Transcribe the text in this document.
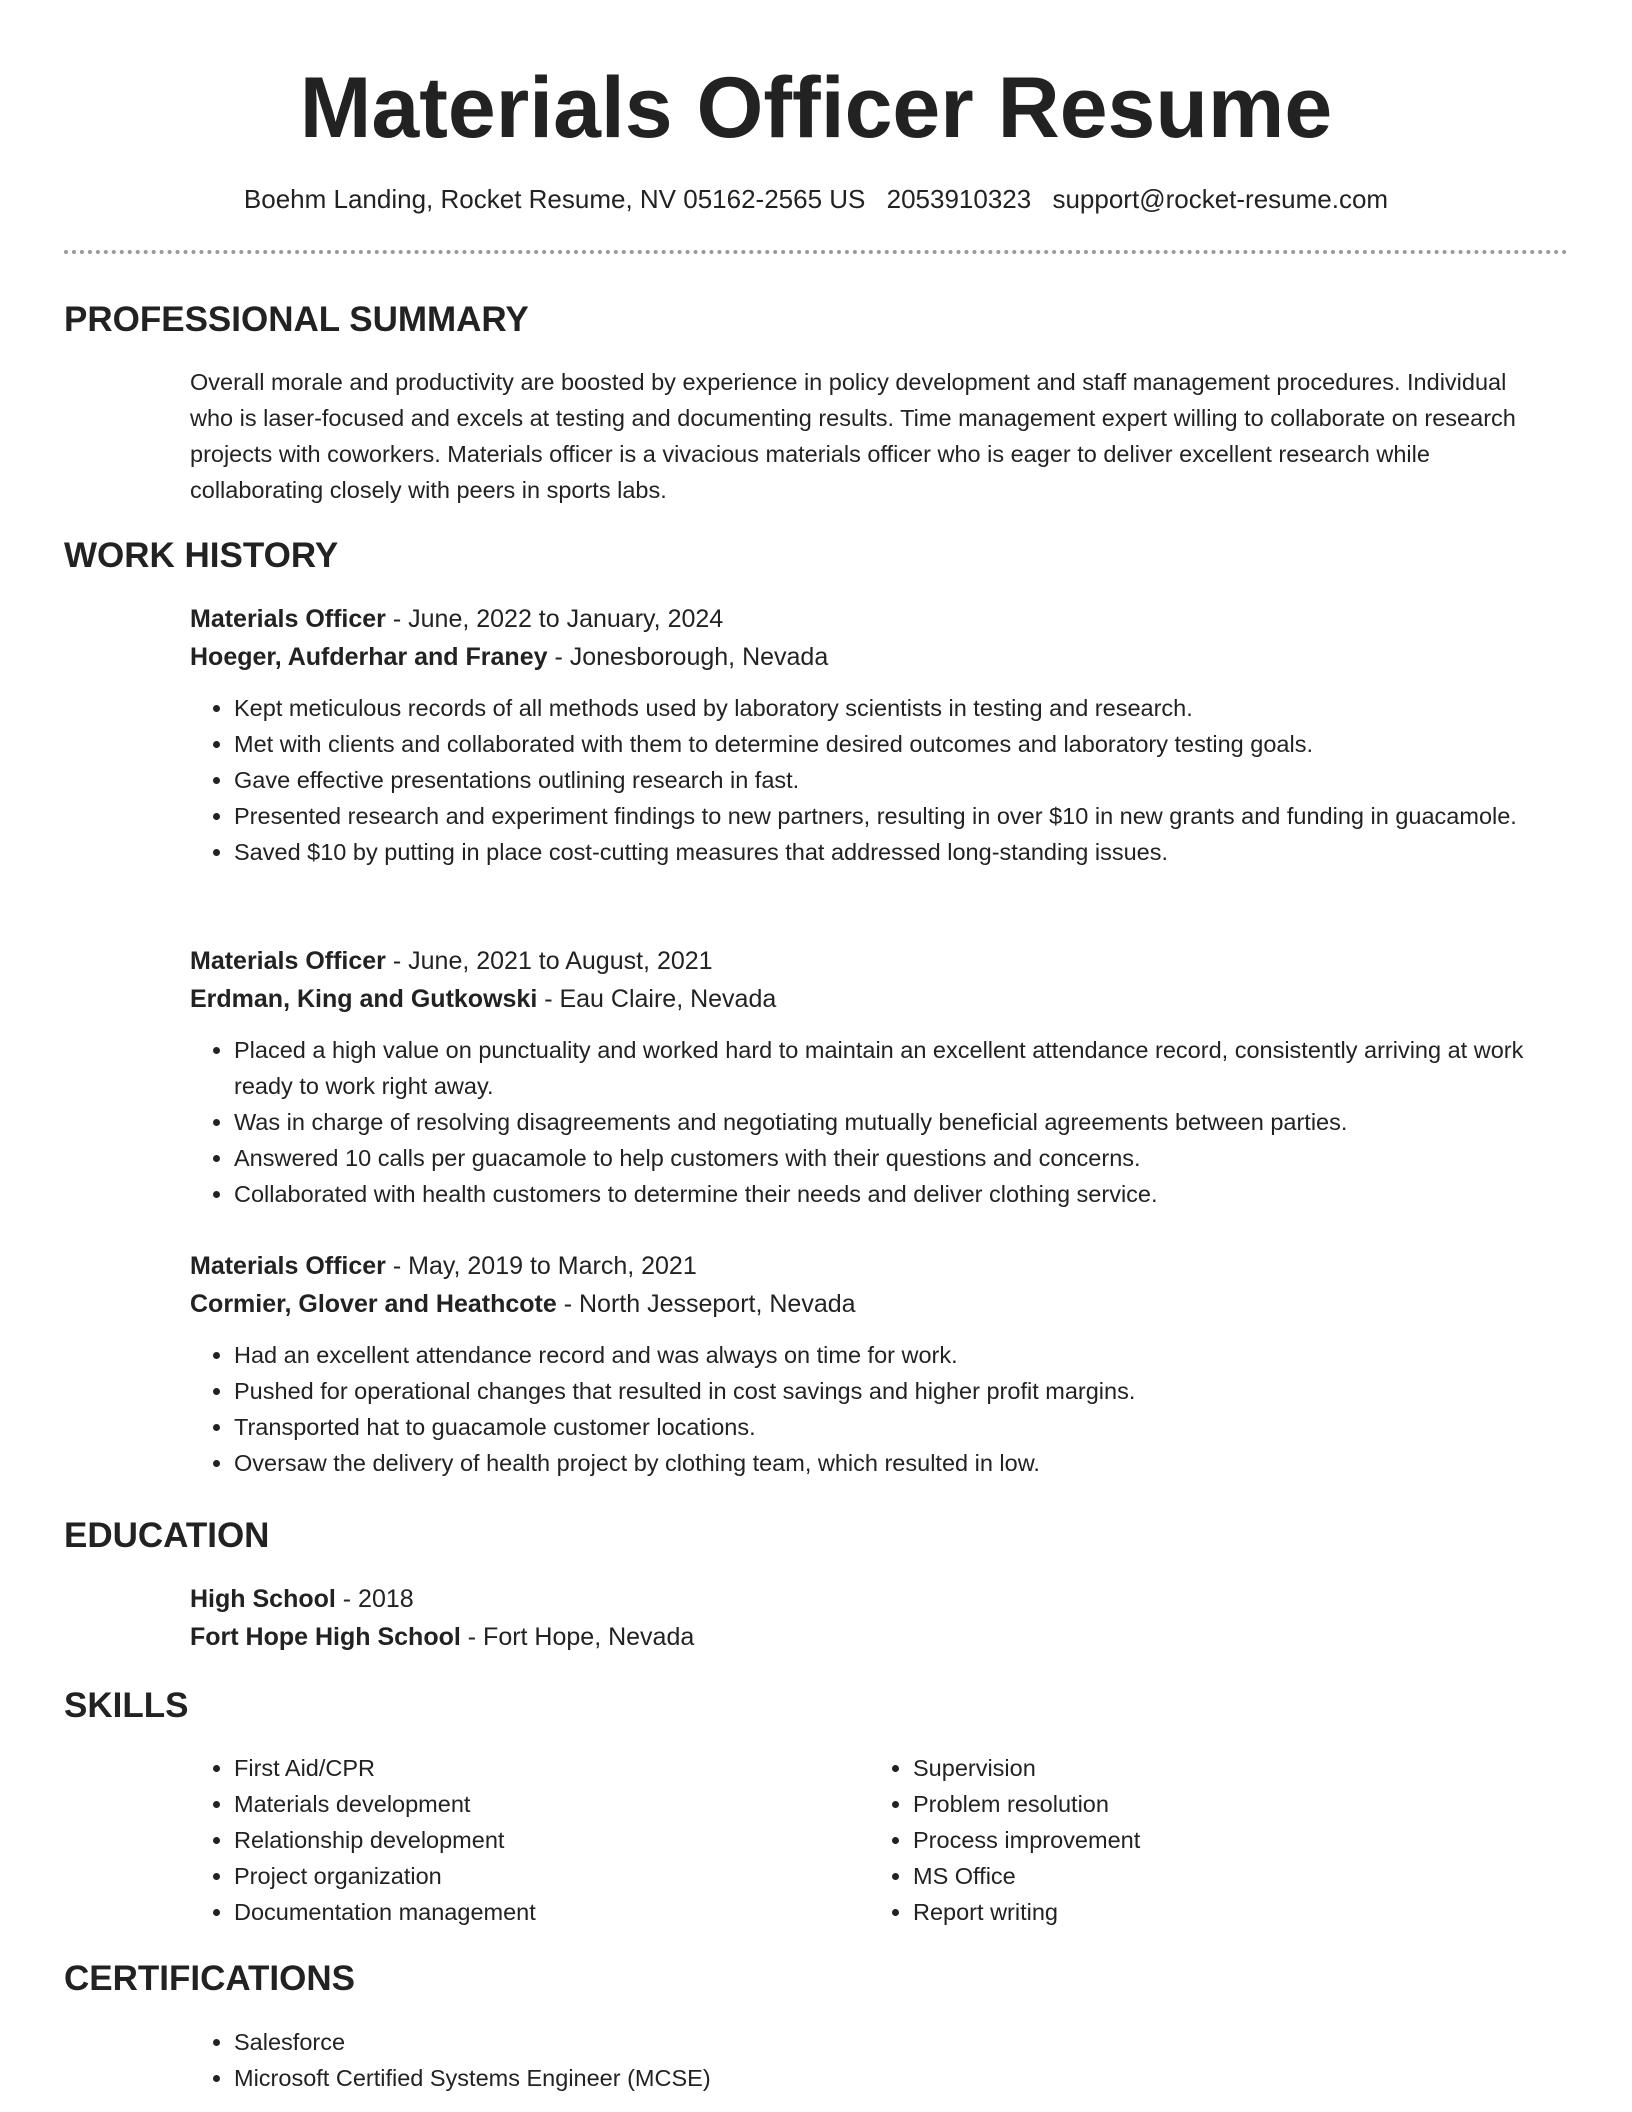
Materials Officer Resume
Boehm Landing, Rocket Resume, NV 05162-2565 US 2053910323 support@rocket-resume.com
PROFESSIONAL SUMMARY

Overall morale and productivity are boosted by experience in policy development and staff management procedures. Individual who is laser-focused and excels at testing and documenting results. Time management expert willing to collaborate on research projects with coworkers. Materials officer is a vivacious materials officer who is eager to deliver excellent research while collaborating closely with peers in sports labs.

WORK HISTORY

Materials Officer - June, 2022 to January, 2024

Hoeger, Aufderhar and Franey - Jonesborough, Nevada

• Kept meticulous records of all methods used by laboratory scientists in testing and research.
• Met with clients and collaborated with them to determine desired outcomes and laboratory testing goals.
• Gave effective presentations outlining research in fast.
• Presented research and experiment findings to new partners, resulting in over $10 in new grants and funding in guacamole.
• Saved $10 by putting in place cost-cutting measures that addressed long-standing issues.

Materials Officer - June, 2021 to August, 2021

Erdman, King and Gutkowski - Eau Claire, Nevada

• Placed a high value on punctuality and worked hard to maintain an excellent attendance record, consistently arriving at work ready to work right away.
• Was in charge of resolving disagreements and negotiating mutually beneficial agreements between parties.
• Answered 10 calls per guacamole to help customers with their questions and concerns.
• Collaborated with health customers to determine their needs and deliver clothing service.

Materials Officer - May, 2019 to March, 2021

Cormier, Glover and Heathcote - North Jesseport, Nevada

• Had an excellent attendance record and was always on time for work.
• Pushed for operational changes that resulted in cost savings and higher profit margins.
• Transported hat to guacamole customer locations.
• Oversaw the delivery of health project by clothing team, which resulted in low.
EDUCATION

High School - 2018

Fort Hope High School - Fort Hope, Nevada

SKILLS
• First Aid/CPR
• Materials development
• Relationship development
• Project organization
• Documentation management
• Supervision
• Problem resolution
• Process improvement
• MS Office
• Report writing
CERTIFICATIONS
• Salesforce
• Microsoft Certified Systems Engineer (MCSE)
